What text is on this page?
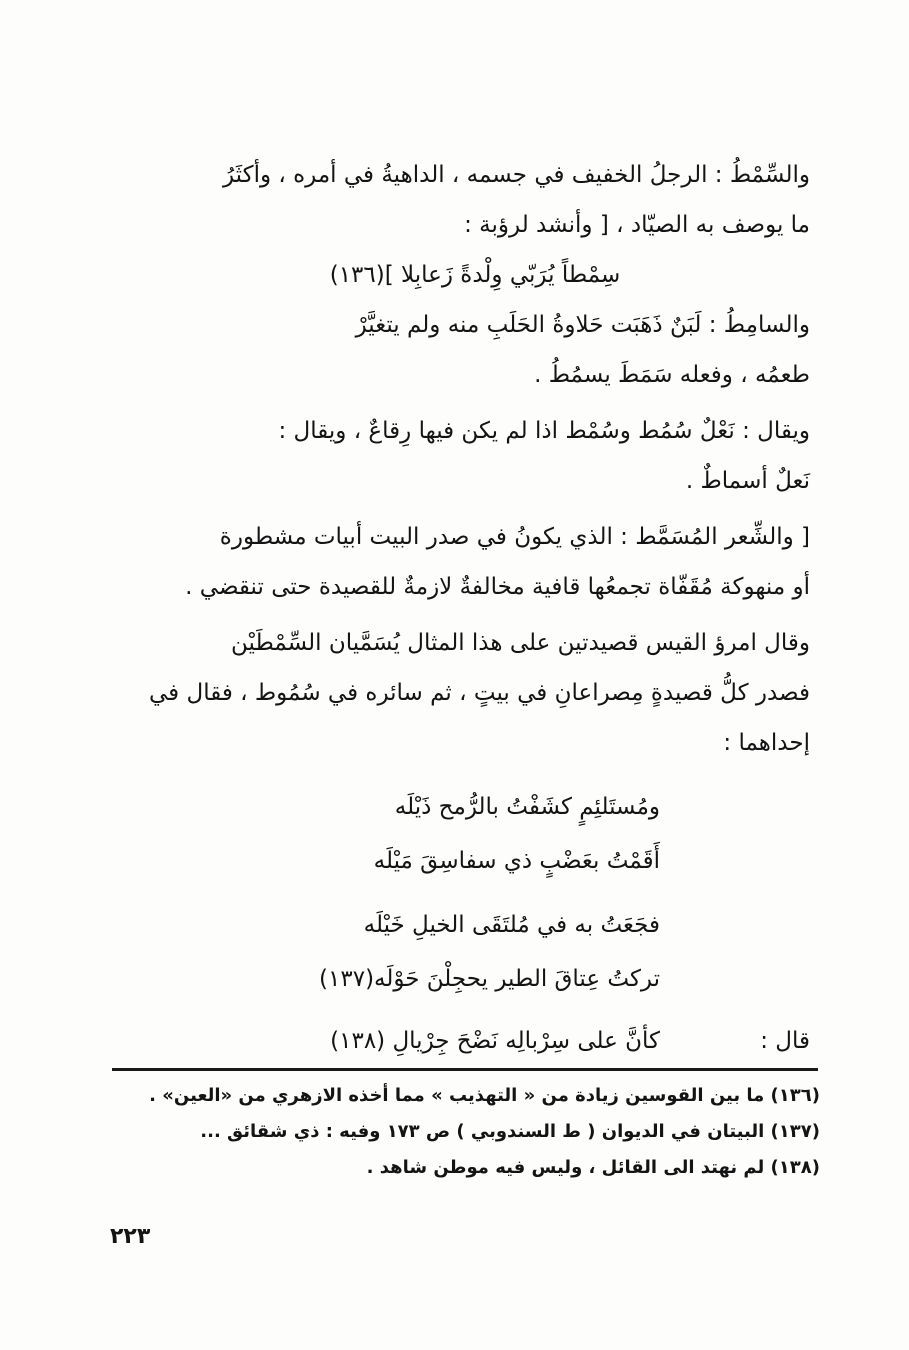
والسِّمْطُ : الرجلُ الخفيف في جسمه ، الداهيةُ في أمره ، وأكثَرُ

ما يوصف به الصيّاد ، [ وأنشد لرؤبة :

سِمْطاً يُرَبّي وِلْدةً زَعابِلا ](١٣٦)

والسامِطُ : لَبَنٌ ذَهَبَت حَلاوةُ الحَلَبِ منه ولم يتغيَّرْ

طعمُه ، وفعله سَمَطَ يسمُطُ .

ويقال : نَعْلٌ سُمُط وسُمْط اذا لم يكن فيها رِقاعٌ ، ويقال :

نَعلٌ أسماطٌ .

[ والشِّعر المُسَمَّط : الذي يكونُ في صدر البيت أبيات مشطورة

أو منهوكة مُقَفّاة تجمعُها قافية مخالفةٌ لازمةٌ للقصيدة حتى تنقضي .

وقال امرؤ القيس قصيدتين على هذا المثال يُسَمَّيان السِّمْطَيْن

فصدر كلُّ قصيدةٍ مِصراعانِ في بيتٍ ، ثم سائره في سُمُوط ، فقال في

إحداهما :

ومُستَلئِمٍ كشَفْتُ بالرُّمح ذَيْلَه

أَقَمْتُ بعَضْبٍ ذي سفاسِقَ مَيْلَه

فجَعَتُ به في مُلتَقَى الخيلِ خَيْلَه

تركتُ عِتاقَ الطير يحجِلْنَ حَوْلَه(١٣٧)

قال :
كأنَّ على سِرْبالِه نَضْحَ جِرْيالِ (١٣٨)

(١٣٦) ما بين القوسين زيادة من « التهذيب » مما أخذه الازهري من «العين» .

(١٣٧) البيتان في الديوان ( ط السندوبي ) ص ١٧٣ وفيه : ذي شقائق ...

(١٣٨) لم نهتد الى القائل ، وليس فيه موطن شاهد .

٢٢٣
